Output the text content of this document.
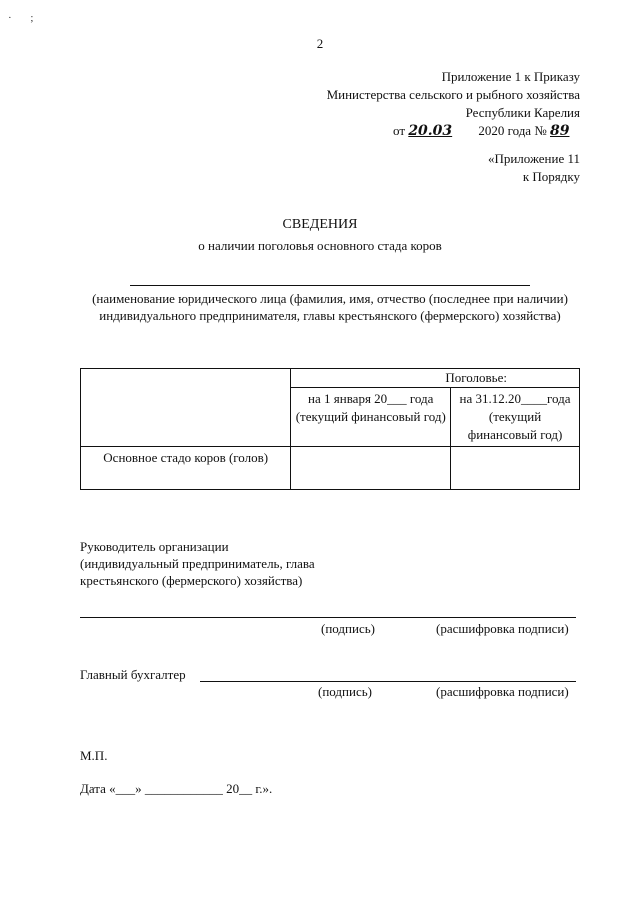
· ;
2
Приложение 1 к Приказу
Министерства сельского и рыбного хозяйства
Республики Карелия
от 20.03 2020 года № 89
«Приложение 11
к Порядку
СВЕДЕНИЯ
о наличии поголовья основного стада коров
(наименование юридического лица (фамилия, имя, отчество (последнее при наличии) индивидуального предпринимателя, главы крестьянского (фермерского) хозяйства)
	Поголовье:	
	на 1 января 20___ года (текущий финансовый год)	на 31.12.20____года (текущий финансовый год)
Основное стадо коров (голов)		
Руководитель организации (индивидуальный предприниматель, глава крестьянского (фермерского) хозяйства)
(подпись)	(расшифровка подписи)
Главный бухгалтер
(подпись)	(расшифровка подписи)
М.П.
Дата «___» ____________ 20__ г.».
